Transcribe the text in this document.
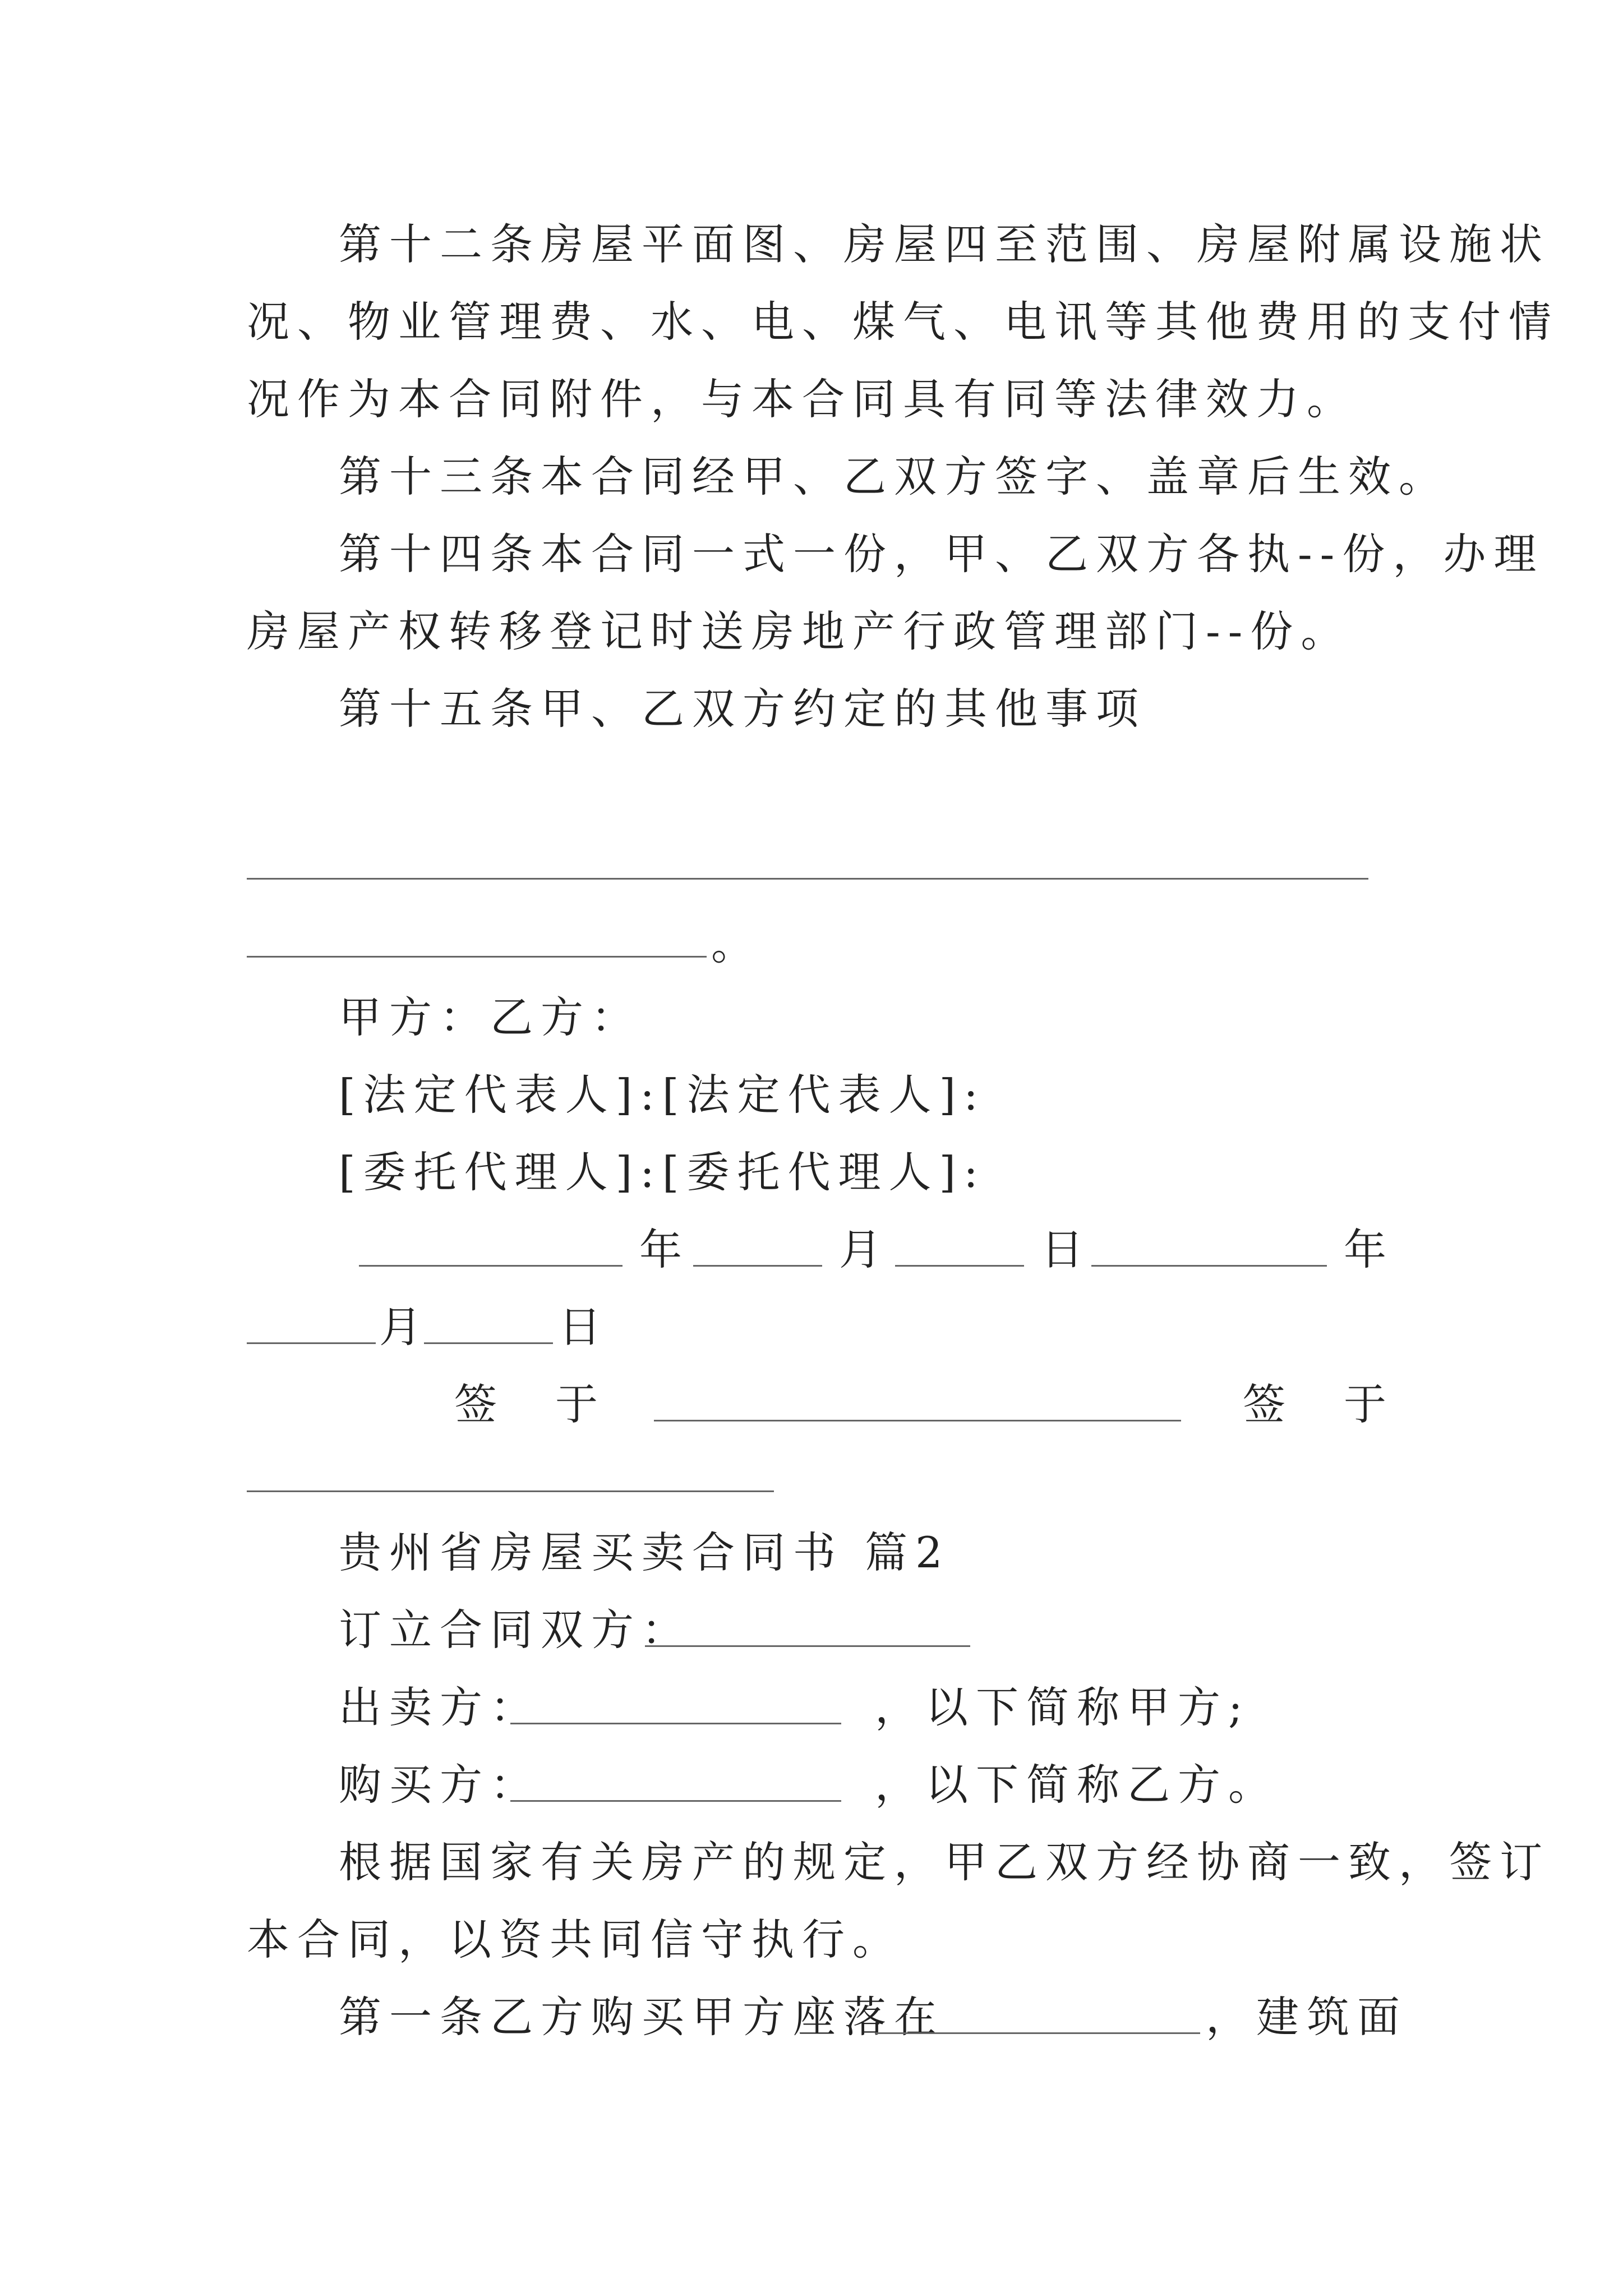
第十二条房屋平面图、房屋四至范围、房屋附属设施状
况、物业管理费、水、电、煤气、电讯等其他费用的支付情
况作为本合同附件，与本合同具有同等法律效力。
第十三条本合同经甲、乙双方签字、盖章后生效。
第十四条本合同一式一份，甲、乙双方各执--份，办理
房屋产权转移登记时送房地产行政管理部门--份。
第十五条甲、乙双方约定的其他事项
。
甲方：乙方：
[法定代表人]:[法定代表人]:
[委托代理人]:[委托代理人]:
年	月	日	年
月	日
签 于	签 于
贵州省房屋买卖合同书 篇2
订立合同双方：
出卖方：	，以下简称甲方;
购买方：	，以下简称乙方。
根据国家有关房产的规定，甲乙双方经协商一致，签订
本合同，以资共同信守执行。
第一条乙方购买甲方座落在	，建筑面
